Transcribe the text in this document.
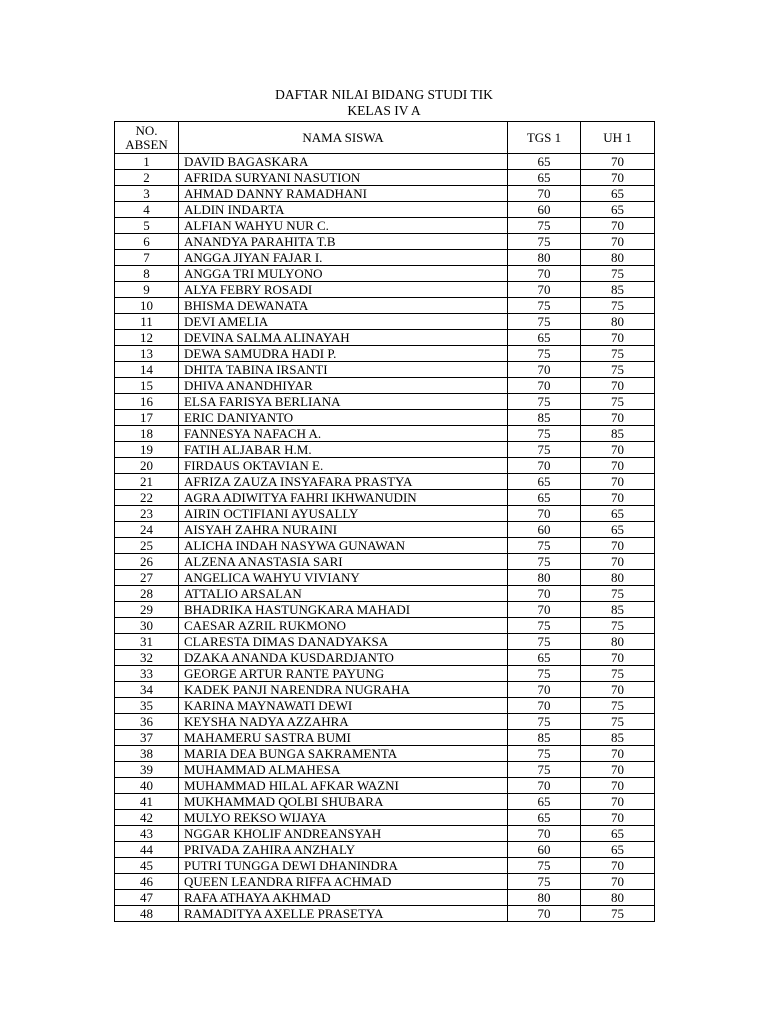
DAFTAR NILAI BIDANG STUDI TIK
KELAS IV A
NO.
ABSEN	NAMA SISWA	TGS 1	UH 1
1	DAVID BAGASKARA	65	70
2	AFRIDA SURYANI NASUTION	65	70
3	AHMAD DANNY RAMADHANI	70	65
4	ALDIN INDARTA	60	65
5	ALFIAN WAHYU NUR C.	75	70
6	ANANDYA PARAHITA T.B	75	70
7	ANGGA JIYAN FAJAR I.	80	80
8	ANGGA TRI MULYONO	70	75
9	ALYA FEBRY ROSADI	70	85
10	BHISMA DEWANATA	75	75
11	DEVI AMELIA	75	80
12	DEVINA SALMA ALINAYAH	65	70
13	DEWA SAMUDRA HADI P.	75	75
14	DHITA TABINA IRSANTI	70	75
15	DHIVA ANANDHIYAR	70	70
16	ELSA FARISYA BERLIANA	75	75
17	ERIC DANIYANTO	85	70
18	FANNESYA NAFACH A.	75	85
19	FATIH ALJABAR H.M.	75	70
20	FIRDAUS OKTAVIAN E.	70	70
21	AFRIZA ZAUZA INSYAFARA PRASTYA	65	70
22	AGRA ADIWITYA FAHRI IKHWANUDIN	65	70
23	AIRIN OCTIFIANI AYUSALLY	70	65
24	AISYAH ZAHRA NURAINI	60	65
25	ALICHA INDAH NASYWA GUNAWAN	75	70
26	ALZENA ANASTASIA SARI	75	70
27	ANGELICA WAHYU VIVIANY	80	80
28	ATTALIO ARSALAN	70	75
29	BHADRIKA HASTUNGKARA MAHADI	70	85
30	CAESAR AZRIL RUKMONO	75	75
31	CLARESTA DIMAS DANADYAKSA	75	80
32	DZAKA ANANDA KUSDARDJANTO	65	70
33	GEORGE ARTUR RANTE PAYUNG	75	75
34	KADEK PANJI NARENDRA NUGRAHA	70	70
35	KARINA MAYNAWATI DEWI	70	75
36	KEYSHA NADYA AZZAHRA	75	75
37	MAHAMERU SASTRA BUMI	85	85
38	MARIA DEA BUNGA SAKRAMENTA	75	70
39	MUHAMMAD ALMAHESA	75	70
40	MUHAMMAD HILAL AFKAR WAZNI	70	70
41	MUKHAMMAD QOLBI SHUBARA	65	70
42	MULYO REKSO WIJAYA	65	70
43	NGGAR KHOLIF ANDREANSYAH	70	65
44	PRIVADA ZAHIRA ANZHALY	60	65
45	PUTRI TUNGGA DEWI DHANINDRA	75	70
46	QUEEN LEANDRA RIFFA ACHMAD	75	70
47	RAFA ATHAYA AKHMAD	80	80
48	RAMADITYA AXELLE PRASETYA	70	75
